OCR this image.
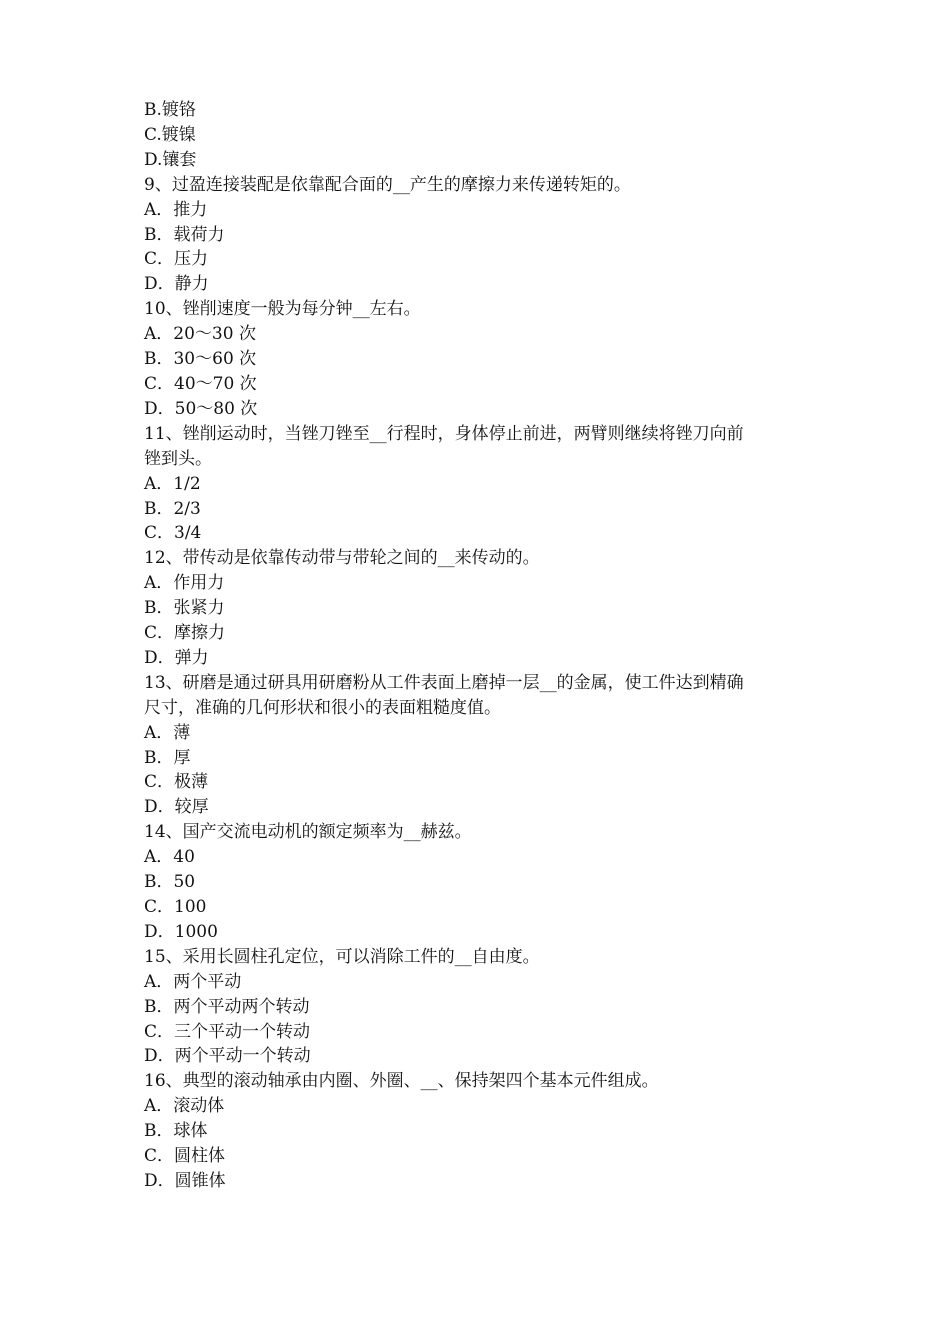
B.镀铬

C.镀镍

D.镶套

9、过盈连接装配是依靠配合面的__产生的摩擦力来传递转矩的。

A．推力

B．载荷力

C．压力

D．静力

10、锉削速度一般为每分钟__左右。

A．20～30 次

B．30～60 次

C．40～70 次

D．50～80 次

11、锉削运动时，当锉刀锉至__行程时，身体停止前进，两臂则继续将锉刀向前

锉到头。

A．1/2

B．2/3

C．3/4

12、带传动是依靠传动带与带轮之间的__来传动的。

A．作用力

B．张紧力

C．摩擦力

D．弹力

13、研磨是通过研具用研磨粉从工件表面上磨掉一层__的金属，使工件达到精确

尺寸，准确的几何形状和很小的表面粗糙度值。

A．薄

B．厚

C．极薄

D．较厚

14、国产交流电动机的额定频率为__赫兹。

A．40

B．50

C．100

D．1000

15、采用长圆柱孔定位，可以消除工件的__自由度。

A．两个平动

B．两个平动两个转动

C．三个平动一个转动

D．两个平动一个转动

16、典型的滚动轴承由内圈、外圈、__、保持架四个基本元件组成。

A．滚动体

B．球体

C．圆柱体

D．圆锥体
